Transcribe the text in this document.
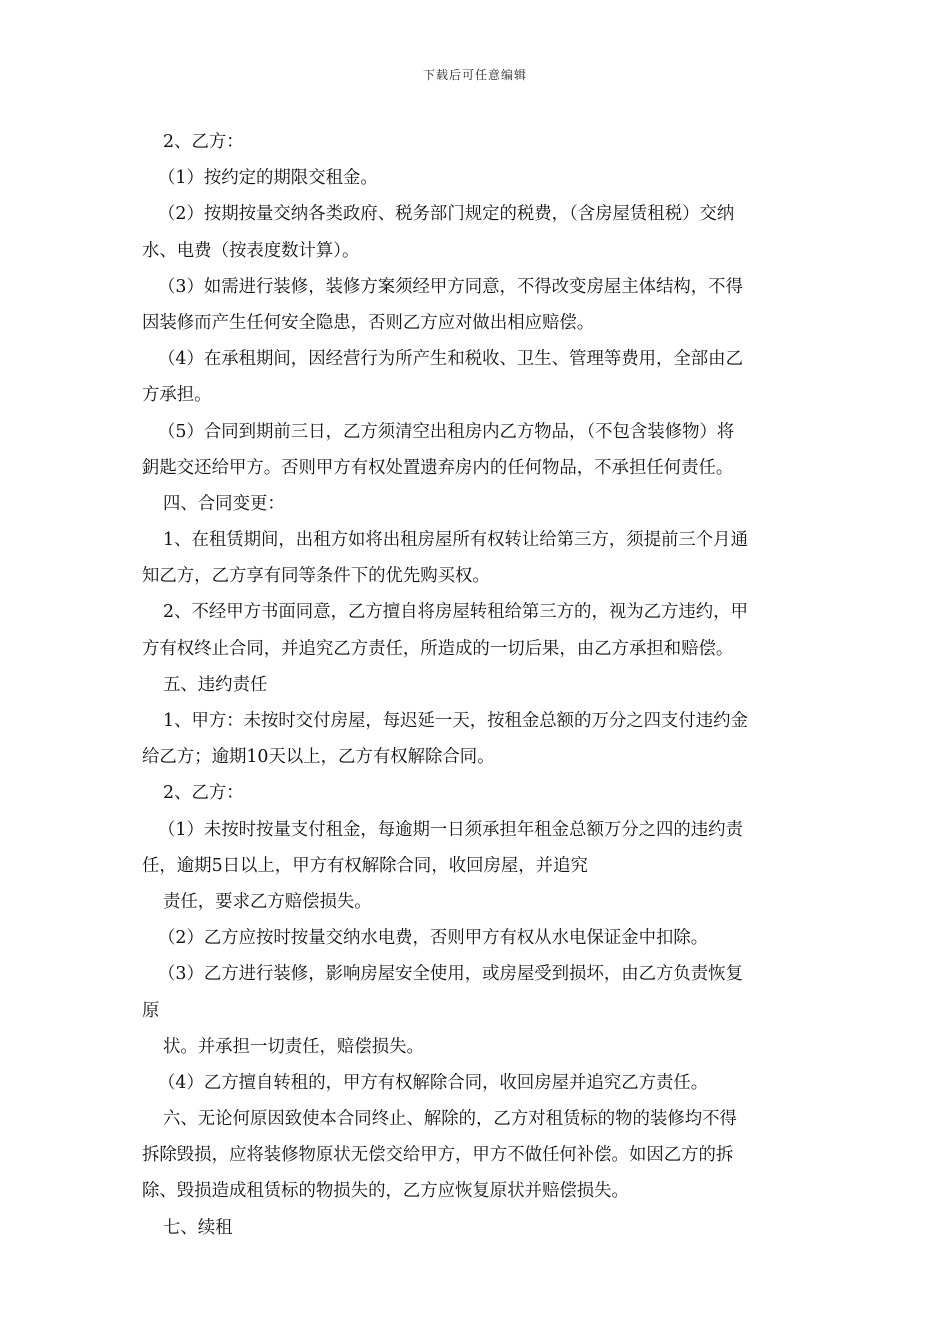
下载后可任意编辑
2、乙方：
（1）按约定的期限交租金。
（2）按期按量交纳各类政府、税务部门规定的税费，（含房屋赁租税）交纳
水、电费（按表度数计算）。
（3）如需进行装修，装修方案须经甲方同意，不得改变房屋主体结构，不得
因装修而产生任何安全隐患，否则乙方应对做出相应赔偿。
（4）在承租期间，因经营行为所产生和税收、卫生、管理等费用，全部由乙
方承担。
（5）合同到期前三日，乙方须清空出租房内乙方物品，（不包含装修物）将
鈅匙交还给甲方。否则甲方有权处置遗弃房内的任何物品，不承担任何责任。
四、合同变更：
1、在租赁期间，出租方如将出租房屋所有权转让给第三方，须提前三个月通
知乙方，乙方享有同等条件下的优先购买权。
2、不经甲方书面同意，乙方擅自将房屋转租给第三方的，视为乙方违约，甲
方有权终止合同，并追究乙方责任，所造成的一切后果，由乙方承担和赔偿。
五、违约责任
1、甲方：未按时交付房屋，每迟延一天，按租金总额的万分之四支付违约金
给乙方；逾期10天以上，乙方有权解除合同。
2、乙方：
（1）未按时按量支付租金，每逾期一日须承担年租金总额万分之四的违约责
任，逾期5日以上，甲方有权解除合同，收回房屋，并追究
责任，要求乙方赔偿损失。
（2）乙方应按时按量交纳水电费，否则甲方有权从水电保证金中扣除。
（3）乙方进行装修，影响房屋安全使用，或房屋受到损坏，由乙方负责恢复
原
状。并承担一切责任，赔偿损失。
（4）乙方擅自转租的，甲方有权解除合同，收回房屋并追究乙方责任。
六、无论何原因致使本合同终止、解除的，乙方对租赁标的物的装修均不得
拆除毁损，应将装修物原状无偿交给甲方，甲方不做任何补偿。如因乙方的拆
除、毁损造成租赁标的物损失的，乙方应恢复原状并赔偿损失。
七、续租
